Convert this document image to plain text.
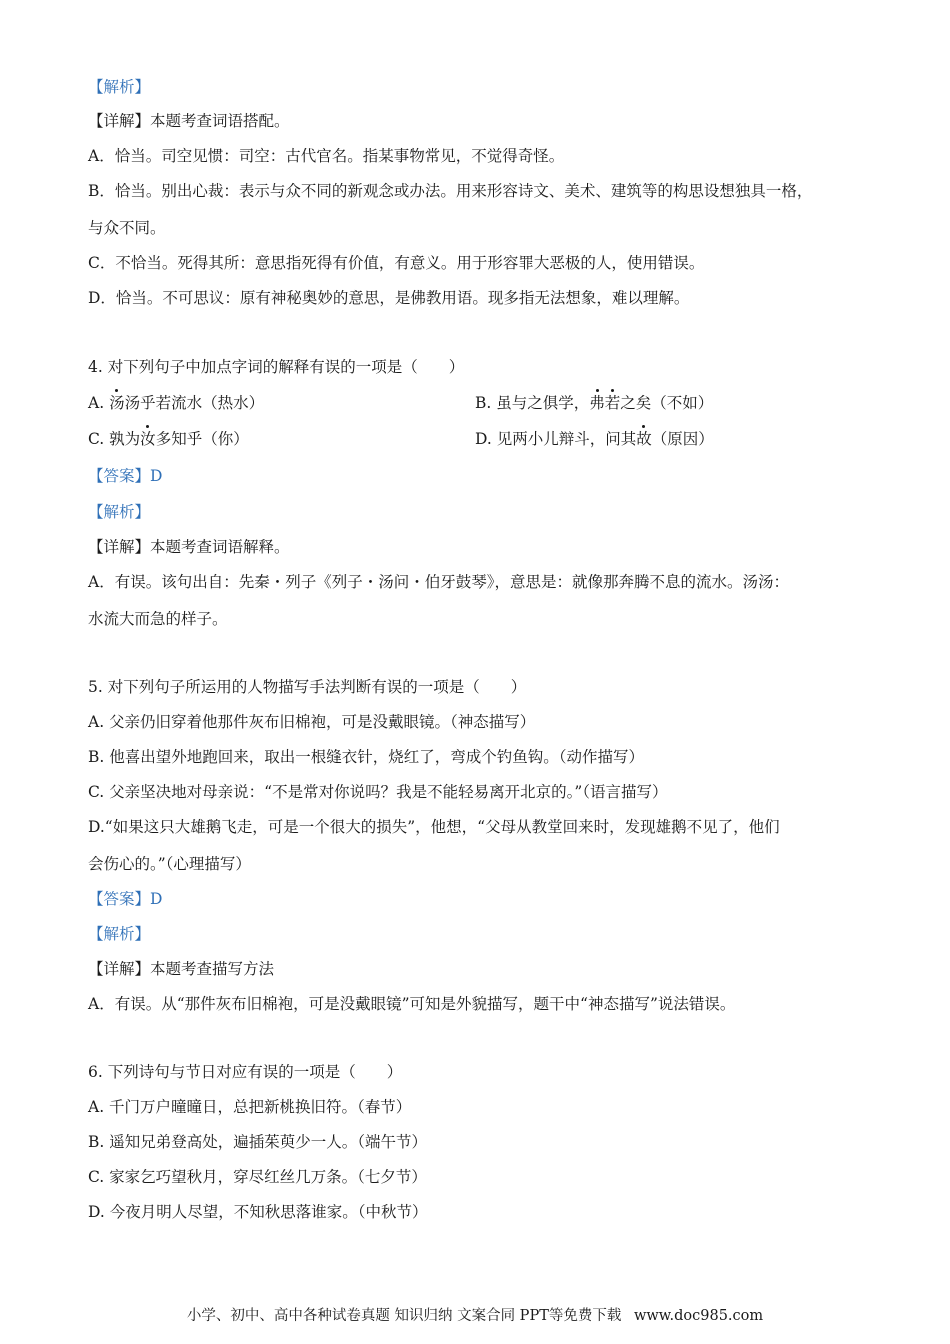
【解析】
【详解】本题考查词语搭配。
A．恰当。司空见惯：司空：古代官名。指某事物常见，不觉得奇怪。
B．恰当。别出心裁：表示与众不同的新观念或办法。用来形容诗文、美术、建筑等的构思设想独具一格，
与众不同。
C．不恰当。死得其所：意思指死得有价值，有意义。用于形容罪大恶极的人，使用错误。
D．恰当。不可思议：原有神秘奥妙的意思，是佛教用语。现多指无法想象，难以理解。
4. 对下列句子中加点字词的解释有误的一项是（　　）
A. 汤汤乎若流水（热水）	B. 虽与之俱学，弗若之矣（不如）
C. 孰为汝多知乎（你）	D. 见两小儿辩斗，问其故（原因）
【答案】D
【解析】
【详解】本题考查词语解释。
A．有误。该句出自：先秦・列子《列子・汤问・伯牙鼓琴》，意思是：就像那奔腾不息的流水。汤汤：
水流大而急的样子。
5. 对下列句子所运用的人物描写手法判断有误的一项是（　　）
A. 父亲仍旧穿着他那件灰布旧棉袍，可是没戴眼镜。（神态描写）
B. 他喜出望外地跑回来，取出一根缝衣针，烧红了，弯成个钓鱼钩。（动作描写）
C. 父亲坚决地对母亲说：“不是常对你说吗？我是不能轻易离开北京的。”（语言描写）
D.“如果这只大雄鹅飞走，可是一个很大的损失”，他想，“父母从教堂回来时，发现雄鹅不见了，他们
会伤心的。”（心理描写）
【答案】D
【解析】
【详解】本题考查描写方法
A．有误。从“那件灰布旧棉袍，可是没戴眼镜”可知是外貌描写，题干中“神态描写”说法错误。
6. 下列诗句与节日对应有误的一项是（　　）
A. 千门万户曈曈日，总把新桃换旧符。（春节）
B. 遥知兄弟登高处，遍插茱萸少一人。（端午节）
C. 家家乞巧望秋月，穿尽红丝几万条。（七夕节）
D. 今夜月明人尽望，不知秋思落谁家。（中秋节）
小学、初中、高中各种试卷真题 知识归纳 文案合同 PPT等免费下载 www.doc985.com
